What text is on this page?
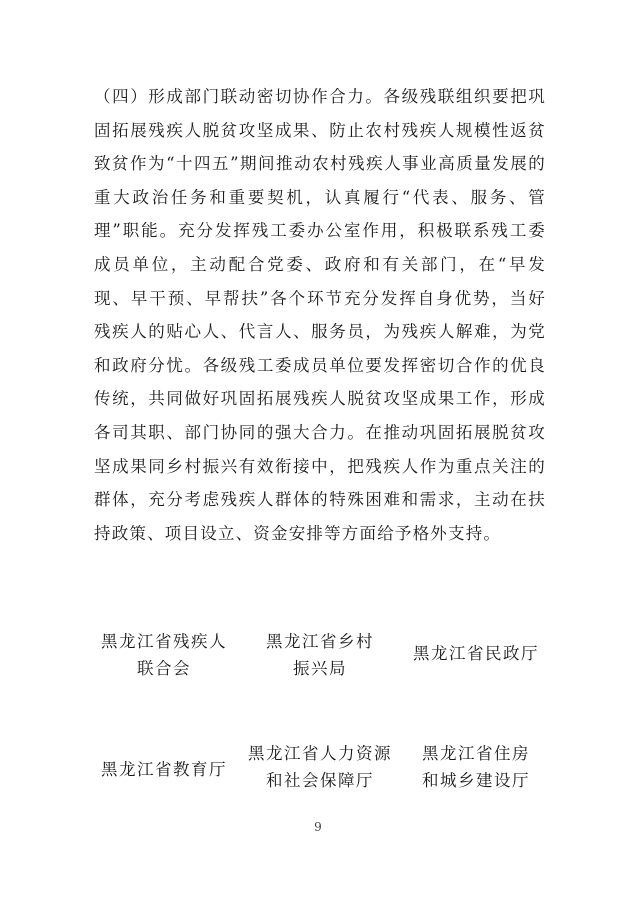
（四）形成部门联动密切协作合力。各级残联组织要把巩固拓展残疾人脱贫攻坚成果、防止农村残疾人规模性返贫致贫作为“十四五”期间推动农村残疾人事业高质量发展的重大政治任务和重要契机，认真履行“代表、服务、管理”职能。充分发挥残工委办公室作用，积极联系残工委成员单位，主动配合党委、政府和有关部门，在“早发现、早干预、早帮扶”各个环节充分发挥自身优势，当好残疾人的贴心人、代言人、服务员，为残疾人解难，为党和政府分忧。各级残工委成员单位要发挥密切合作的优良传统，共同做好巩固拓展残疾人脱贫攻坚成果工作，形成各司其职、部门协同的强大合力。在推动巩固拓展脱贫攻坚成果同乡村振兴有效衔接中，把残疾人作为重点关注的群体，充分考虑残疾人群体的特殊困难和需求，主动在扶持政策、项目设立、资金安排等方面给予格外支持。

黑龙江省残疾人
联合会
黑龙江省乡村
振兴局
黑龙江省民政厅
黑龙江省教育厅
黑龙江省人力资源
和社会保障厅
黑龙江省住房
和城乡建设厅
9
